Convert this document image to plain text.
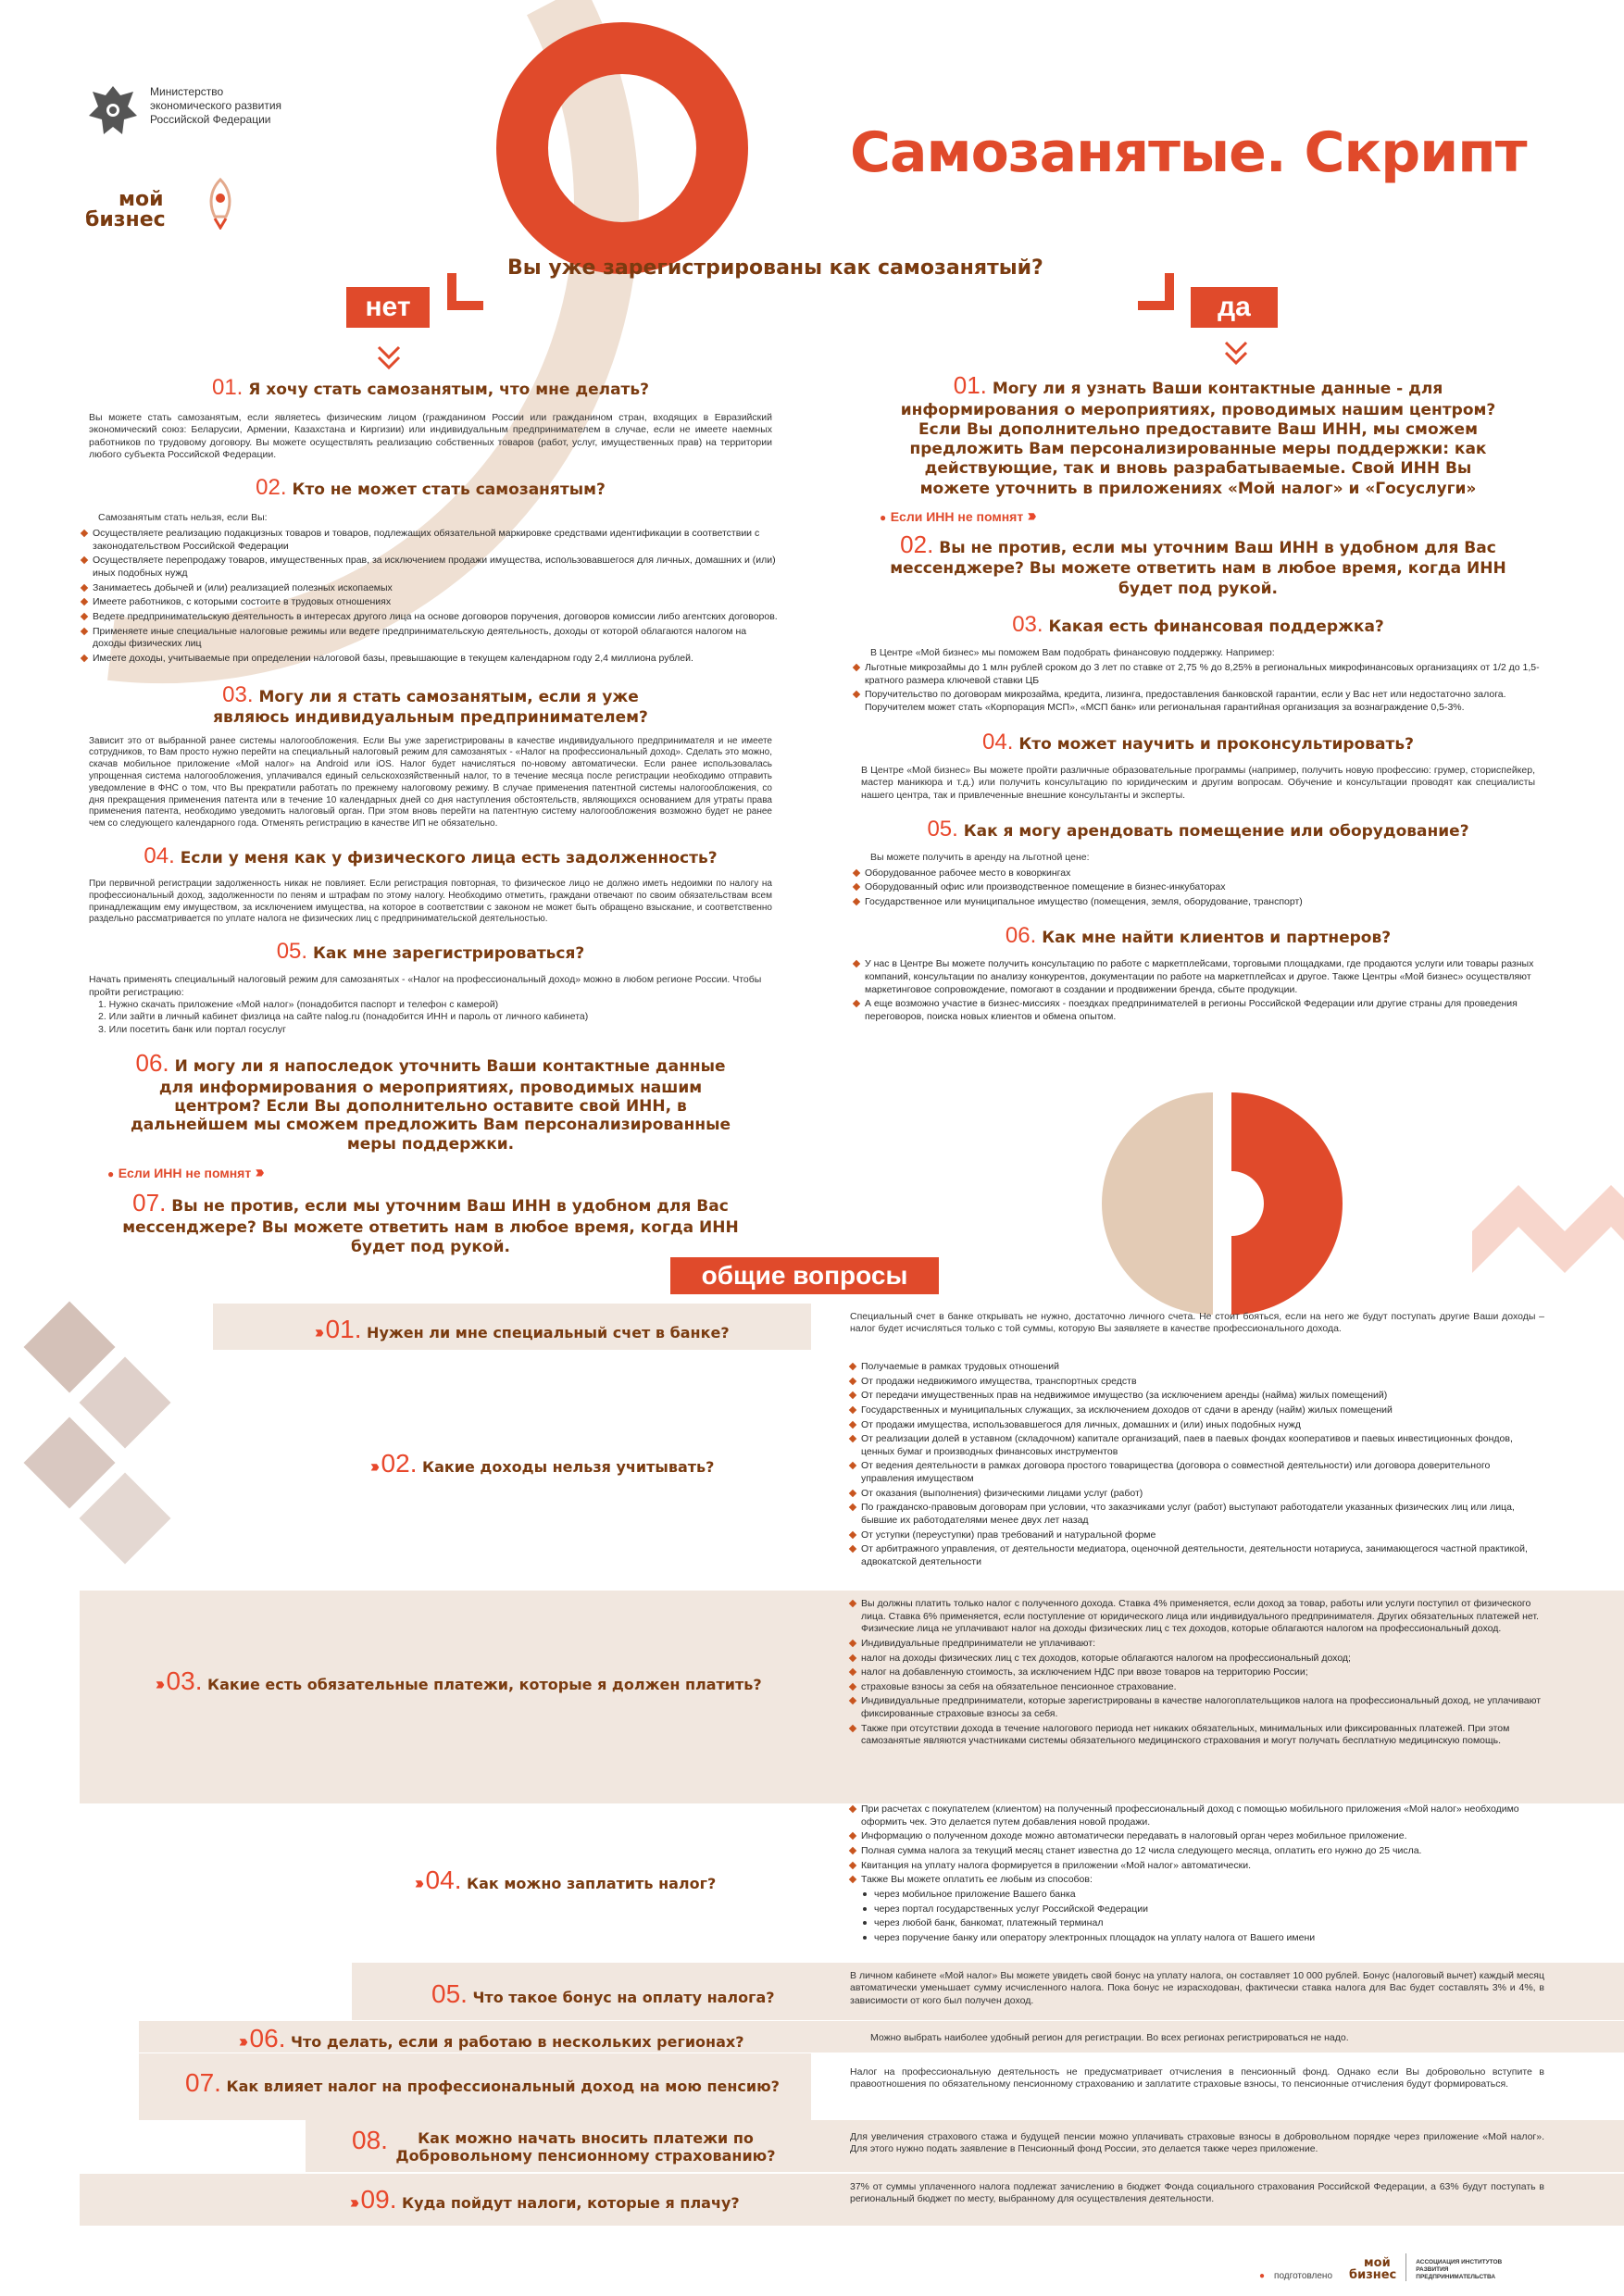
Министерство
экономического развития
Российской Федерации
мой
бизнес
Самозанятые. Скрипт
Вы уже зарегистрированы как самозанятый?
нет	да
01. Я хочу стать самозанятым, что мне делать?
Вы можете стать самозанятым, если являетесь физическим лицом (гражданином России или гражданином стран, входящих в Евразийский экономический союз: Беларусии, Армении, Казахстана и Киргизии) или индивидуальным предпринимателем в случае, если не имеете наемных работников по трудовому договору. Вы можете осуществлять реализацию собственных товаров (работ, услуг, имущественных прав) на территории любого субъекта Российской Федерации.
02. Кто не может стать самозанятым?
Самозанятым стать нельзя, если Вы:
Осуществляете реализацию подакцизных товаров и товаров, подлежащих обязательной маркировке средствами идентификации в соответствии с законодательством Российской Федерации
Осуществляете перепродажу товаров, имущественных прав, за исключением продажи имущества, использовавшегося для личных, домашних и (или) иных подобных нужд
Занимаетесь добычей и (или) реализацией полезных ископаемых
Имеете работников, с которыми состоите в трудовых отношениях
Ведете предпринимательскую деятельность в интересах другого лица на основе договоров поручения, договоров комиссии либо агентских договоров.
Применяете иные специальные налоговые режимы или ведете предпринимательскую деятельность, доходы от которой облагаются налогом на доходы физических лиц
Имеете доходы, учитываемые при определении налоговой базы, превышающие в текущем календарном году 2,4 миллиона рублей.
03. Могу ли я стать самозанятым, если я уже являюсь индивидуальным предпринимателем?
Зависит это от выбранной ранее системы налогообложения. Если Вы уже зарегистрированы в качестве индивидуального предпринимателя и не имеете сотрудников, то Вам просто нужно перейти на специальный налоговый режим для самозанятых - «Налог на профессиональный доход». Сделать это можно, скачав мобильное приложение «Мой налог» на Android или iOS. Налог будет начисляться по-новому автоматически. Если ранее использовалась упрощенная система налогообложения, уплачивался единый сельскохозяйственный налог, то в течение месяца после регистрации необходимо отправить уведомление в ФНС о том, что Вы прекратили работать по прежнему налоговому режиму. В случае применения патентной системы налогообложения, со дня прекращения применения патента или в течение 10 календарных дней со дня наступления обстоятельств, являющихся основанием для утраты права применения патента, необходимо уведомить налоговый орган. При этом вновь перейти на патентную систему налогообложения возможно будет не ранее чем со следующего календарного года. Отменять регистрацию в качестве ИП не обязательно.
04. Если у меня как у физического лица есть задолженность?
При первичной регистрации задолженность никак не повлияет. Если регистрация повторная, то физическое лицо не должно иметь недоимки по налогу на профессиональный доход, задолженности по пеням и штрафам по этому налогу. Необходимо отметить, граждани отвечают по своим обязательствам всем принадлежащим ему имуществом, за исключением имущества, на которое в соответствии с законом не может быть обращено взыскание, и соответственно раздельно рассматривается по уплате налога не физических лиц с предпринимательской деятельностью.
05. Как мне зарегистрироваться?
Начать применять специальный налоговый режим для самозанятых - «Налог на профессиональный доход» можно в любом регионе России. Чтобы пройти регистрацию:
1. Нужно скачать приложение «Мой налог» (понадобится паспорт и телефон с камерой)
2. Или зайти в личный кабинет физлица на сайте nalog.ru (понадобится ИНН и пароль от личного кабинета)
3. Или посетить банк или портал госуслуг
06. И могу ли я напоследок уточнить Ваши контактные данные для информирования о мероприятиях, проводимых нашим центром? Если Вы дополнительно оставите свой ИНН, в дальнейшем мы сможем предложить Вам персонализированные меры поддержки.
● Если ИНН не помнят ›››
07. Вы не против, если мы уточним Ваш ИНН в удобном для Вас мессенджере? Вы можете ответить нам в любое время, когда ИНН будет под рукой.
01. Могу ли я узнать Ваши контактные данные - для информирования о мероприятиях, проводимых нашим центром? Если Вы дополнительно предоставите Ваш ИНН, мы сможем предложить Вам персонализированные меры поддержки: как действующие, так и вновь разрабатываемые. Свой ИНН Вы можете уточнить в приложениях «Мой налог» и «Госуслуги»
● Если ИНН не помнят ›››
02. Вы не против, если мы уточним Ваш ИНН в удобном для Вас мессенджере? Вы можете ответить нам в любое время, когда ИНН будет под рукой.
03. Какая есть финансовая поддержка?
В Центре «Мой бизнес» мы поможем Вам подобрать финансовую поддержку. Например:
Льготные микрозаймы до 1 млн рублей сроком до 3 лет по ставке от 2,75 % до 8,25% в региональных микрофинансовых организациях от 1/2 до 1,5-кратного размера ключевой ставки ЦБ
Поручительство по договорам микрозайма, кредита, лизинга, предоставления банковской гарантии, если у Вас нет или недостаточно залога. Поручителем может стать «Корпорация МСП», «МСП банк» или региональная гарантийная организация за вознаграждение 0,5-3%.
04. Кто может научить и проконсультировать?
В Центре «Мой бизнес» Вы можете пройти различные образовательные программы (например, получить новую профессию: грумер, сториспейкер, мастер маникюра и т.д.) или получить консультацию по юридическим и другим вопросам. Обучение и консультации проводят как специалисты нашего центра, так и привлеченные внешние консультанты и эксперты.
05. Как я могу арендовать помещение или оборудование?
Вы можете получить в аренду на льготной цене:
Оборудованное рабочее место в коворкингах
Оборудованный офис или производственное помещение в бизнес-инкубаторах
Государственное или муниципальное имущество (помещения, земля, оборудование, транспорт)
06. Как мне найти клиентов и партнеров?
У нас в Центре Вы можете получить консультацию по работе с маркетплейсами, торговыми площадками, где продаются услуги или товары разных компаний, консультации по анализу конкурентов, документации по работе на маркетплейсах и другое. Также Центры «Мой бизнес» осуществляют маркетинговое сопровождение, помогают в создании и продвижении бренда, сбыте продукции.
А еще возможно участие в бизнес-миссиях - поездках предпринимателей в регионы Российской Федерации или другие страны для проведения переговоров, поиска новых клиентов и обмена опытом.
общие вопросы
››› 01. Нужен ли мне специальный счет в банке?
Специальный счет в банке открывать не нужно, достаточно личного счета. Не стоит бояться, если на него же будут поступать другие Ваши доходы – налог будет исчисляться только с той суммы, которую Вы заявляете в качестве профессионального дохода.
››› 02. Какие доходы нельзя учитывать?
Получаемые в рамках трудовых отношений
От продажи недвижимого имущества, транспортных средств
От передачи имущественных прав на недвижимое имущество (за исключением аренды (найма) жилых помещений)
Государственных и муниципальных служащих, за исключением доходов от сдачи в аренду (найм) жилых помещений
От продажи имущества, использовавшегося для личных, домашних и (или) иных подобных нужд
От реализации долей в уставном (складочном) капитале организаций, паев в паевых фондах кооперативов и паевых инвестиционных фондов, ценных бумаг и производных финансовых инструментов
От ведения деятельности в рамках договора простого товарищества (договора о совместной деятельности) или договора доверительного управления имуществом
От оказания (выполнения) физическими лицами услуг (работ)
По гражданско-правовым договорам при условии, что заказчиками услуг (работ) выступают работодатели указанных физических лиц или лица, бывшие их работодателями менее двух лет назад
От уступки (переуступки) прав требований и натуральной форме
От арбитражного управления, от деятельности медиатора, оценочной деятельности, деятельности нотариуса, занимающегося частной практикой, адвокатской деятельности
››› 03. Какие есть обязательные платежи, которые я должен платить?
Вы должны платить только налог с полученного дохода. Ставка 4% применяется, если доход за товар, работы или услуги поступил от физического лица. Ставка 6% применяется, если поступление от юридического лица или индивидуального предпринимателя. Других обязательных платежей нет. Физические лица не уплачивают налог на доходы физических лиц с тех доходов, которые облагаются налогом на профессиональный доход.
Индивидуальные предприниматели не уплачивают:
налог на доходы физических лиц с тех доходов, которые облагаются налогом на профессиональный доход;
налог на добавленную стоимость, за исключением НДС при ввозе товаров на территорию России;
страховые взносы за себя на обязательное пенсионное страхование.
Индивидуальные предприниматели, которые зарегистрированы в качестве налогоплательщиков налога на профессиональный доход, не уплачивают фиксированные страховые взносы за себя.
Также при отсутствии дохода в течение налогового периода нет никаких обязательных, минимальных или фиксированных платежей. При этом самозанятые являются участниками системы обязательного медицинского страхования и могут получать бесплатную медицинскую помощь.
››› 04. Как можно заплатить налог?
При расчетах с покупателем (клиентом) на полученный профессиональный доход с помощью мобильного приложения «Мой налог» необходимо оформить чек. Это делается путем добавления новой продажи.
Информацию о полученном доходе можно автоматически передавать в налоговый орган через мобильное приложение.
Полная сумма налога за текущий месяц станет известна до 12 числа следующего месяца, оплатить его нужно до 25 числа.
Квитанция на уплату налога формируется в приложении «Мой налог» автоматически.
Также Вы можете оплатить ее любым из способов:
через мобильное приложение Вашего банка
через портал государственных услуг Российской Федерации
через любой банк, банкомат, платежный терминал
через поручение банку или оператору электронных площадок на уплату налога от Вашего имени
05. Что такое бонус на оплату налога?
В личном кабинете «Мой налог» Вы можете увидеть свой бонус на уплату налога, он составляет 10 000 рублей. Бонус (налоговый вычет) каждый месяц автоматически уменьшает сумму исчисленного налога. Пока бонус не израсходован, фактически ставка налога для Вас будет составлять 3% и 4%, в зависимости от кого был получен доход.
››› 06. Что делать, если я работаю в нескольких регионах?	Можно выбрать наиболее удобный регион для регистрации. Во всех регионах регистрироваться не надо.
07. Как влияет налог на профессиональный доход на мою пенсию?
Налог на профессиональную деятельность не предусматривает отчисления в пенсионный фонд. Однако если Вы добровольно вступите в правоотношения по обязательному пенсионному страхованию и заплатите страховые взносы, то пенсионные отчисления будут формироваться.
08.	Как можно начать вносить платежи по Добровольному пенсионному страхованию?
Для увеличения страхового стажа и будущей пенсии можно уплачивать страховые взносы в добровольном порядке через приложение «Мой налог». Для этого нужно подать заявление в Пенсионный фонд России, это делается также через приложение.
››› 09. Куда пойдут налоги, которые я плачу?
37% от суммы уплаченного налога подлежат зачислению в бюджет Фонда социального страхования Российской Федерации, а 63% будут поступать в региональный бюджет по месту, выбранному для осуществления деятельности.
● подготовлено
мой
бизнес
АССОЦИАЦИЯ ИНСТИТУТОВ РАЗВИТИЯ ПРЕДПРИНИМАТЕЛЬСТВА
